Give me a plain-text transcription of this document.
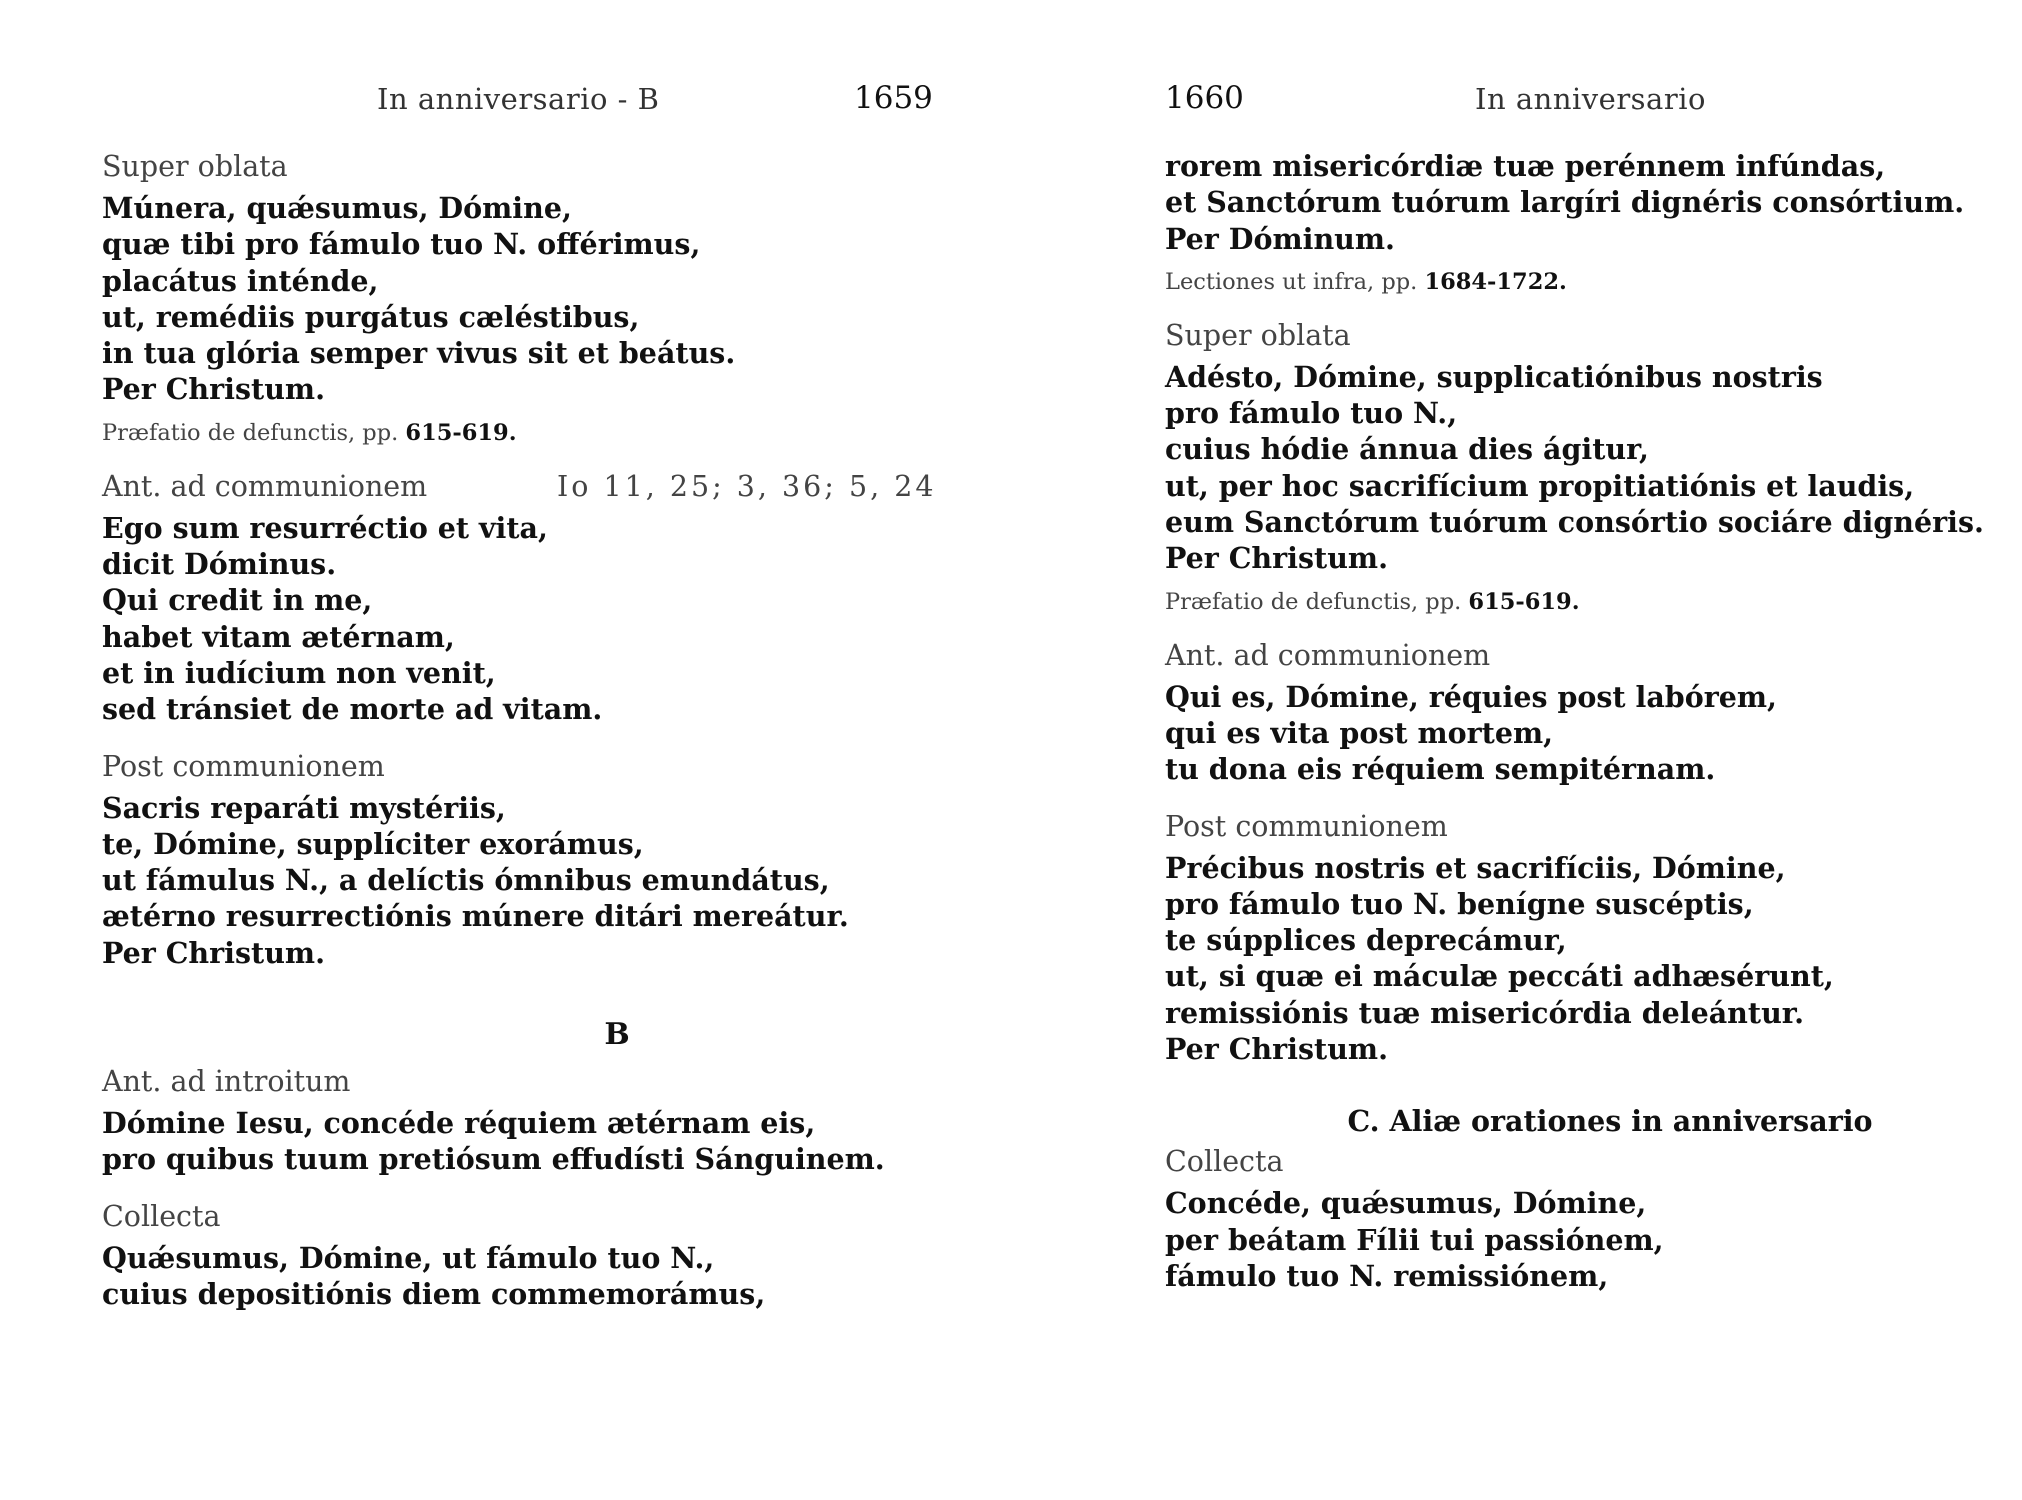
In anniversario - B	1659
Super oblata
Múnera, quǽsumus, Dómine,
quæ tibi pro fámulo tuo N. offérimus,
placátus inténde,
ut, remédiis purgátus cæléstibus,
in tua glória semper vivus sit et beátus.
Per Christum.
Præfatio de defunctis, pp. 615-619.
Ant. ad communionem	Io 11, 25; 3, 36; 5, 24
Ego sum resurréctio et vita,
dicit Dóminus.
Qui credit in me,
habet vitam ætérnam,
et in iudícium non venit,
sed tránsiet de morte ad vitam.
Post communionem
Sacris reparáti mystériis,
te, Dómine, supplíciter exorámus,
ut fámulus N., a delíctis ómnibus emundátus,
ætérno resurrectiónis múnere ditári mereátur.
Per Christum.
B
Ant. ad introitum
Dómine Iesu, concéde réquiem ætérnam eis,
pro quibus tuum pretiósum effudísti Sánguinem.
Collecta
Quǽsumus, Dómine, ut fámulo tuo N.,
cuius depositiónis diem commemorámus,
1660	In anniversario
rorem misericórdiæ tuæ perénnem infúndas,
et Sanctórum tuórum largíri dignéris consórtium.
Per Dóminum.
Lectiones ut infra, pp. 1684-1722.
Super oblata
Adésto, Dómine, supplicatiónibus nostris
pro fámulo tuo N.,
cuius hódie ánnua dies ágitur,
ut, per hoc sacrifícium propitiatiónis et laudis,
eum Sanctórum tuórum consórtio sociáre dignéris.
Per Christum.
Præfatio de defunctis, pp. 615-619.
Ant. ad communionem
Qui es, Dómine, réquies post labórem,
qui es vita post mortem,
tu dona eis réquiem sempitérnam.
Post communionem
Précibus nostris et sacrifíciis, Dómine,
pro fámulo tuo N. benígne suscéptis,
te súpplices deprecámur,
ut, si quæ ei máculæ peccáti adhæsérunt,
remissiónis tuæ misericórdia deleántur.
Per Christum.
C. Aliæ orationes in anniversario
Collecta
Concéde, quǽsumus, Dómine,
per beátam Fílii tui passiónem,
fámulo tuo N. remissiónem,
